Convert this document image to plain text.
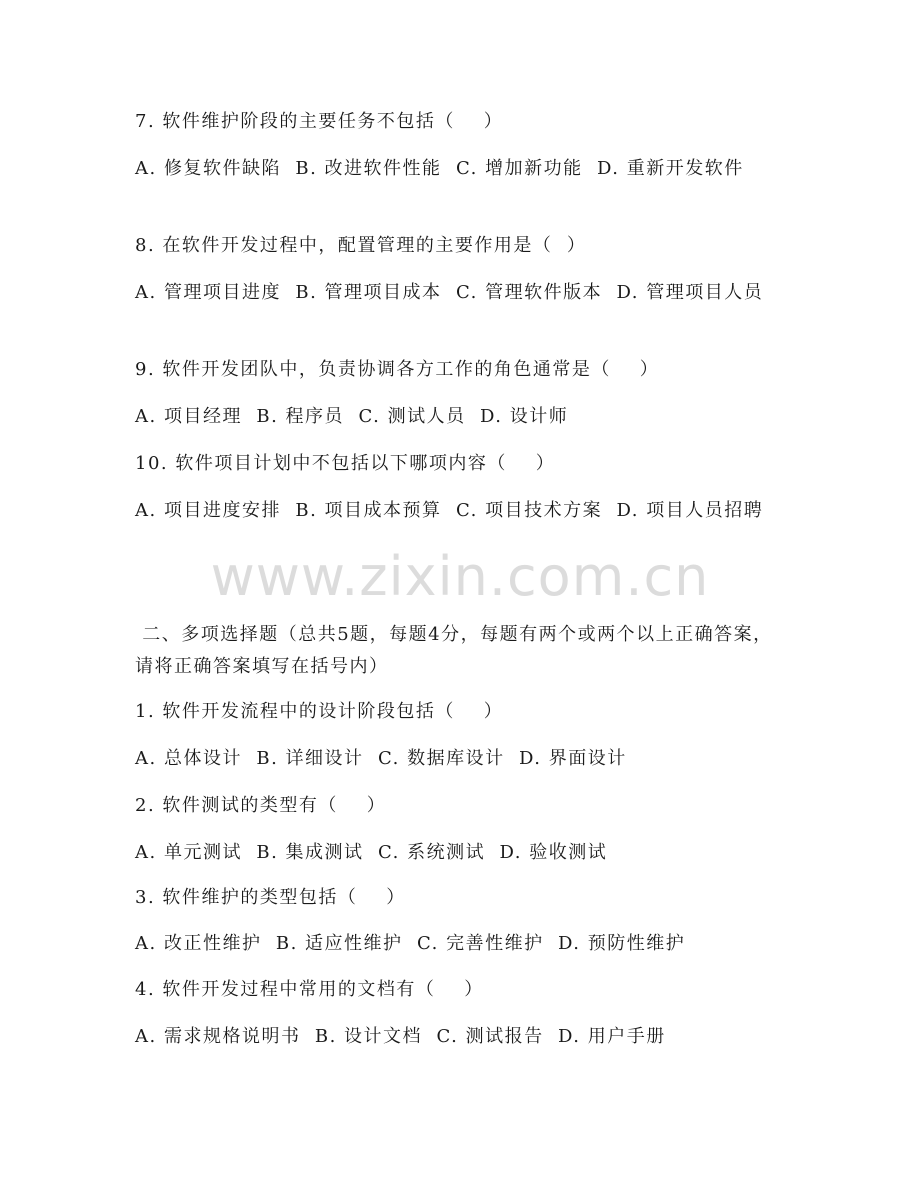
7. 软件维护阶段的主要任务不包括（    ）
A. 修复软件缺陷  B. 改进软件性能  C. 增加新功能  D. 重新开发软件
8. 在软件开发过程中，配置管理的主要作用是（  ）
A. 管理项目进度  B. 管理项目成本  C. 管理软件版本  D. 管理项目人员
9. 软件开发团队中，负责协调各方工作的角色通常是（    ）
A. 项目经理  B. 程序员  C. 测试人员  D. 设计师
10. 软件项目计划中不包括以下哪项内容（    ）
A. 项目进度安排  B. 项目成本预算  C. 项目技术方案  D. 项目人员招聘
www.zixin.com.cn
二、多项选择题（总共5题，每题4分，每题有两个或两个以上正确答案，请将正确答案填写在括号内）
1. 软件开发流程中的设计阶段包括（    ）
A. 总体设计  B. 详细设计  C. 数据库设计  D. 界面设计
2. 软件测试的类型有（    ）
A. 单元测试  B. 集成测试  C. 系统测试  D. 验收测试
3. 软件维护的类型包括（    ）
A. 改正性维护  B. 适应性维护  C. 完善性维护  D. 预防性维护
4. 软件开发过程中常用的文档有（    ）
A. 需求规格说明书  B. 设计文档  C. 测试报告  D. 用户手册
